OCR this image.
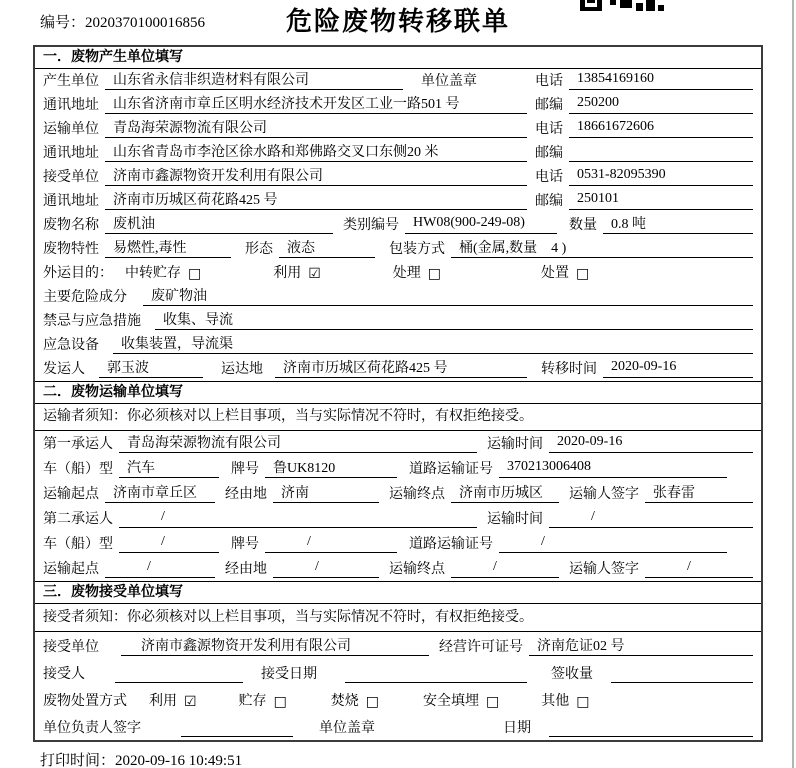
编号：2020370100016856	危险废物转移联单
一．废物产生单位填写
产生单位	山东省永信非织造材料有限公司	单位盖章	电话	13854169160
通讯地址	山东省济南市章丘区明水经济技术开发区工业一路501 号	邮编	250200
运输单位	青岛海荣源物流有限公司	电话	18661672606
通讯地址	山东省青岛市李沧区徐水路和郑佛路交叉口东侧20 米	邮编
接受单位	济南市鑫源物资开发利用有限公司	电话	0531-82095390
通讯地址	济南市历城区荷花路425 号	邮编	250101
废物名称	废机油	类别编号	HW08(900-249-08)	数量	0.8 吨
废物特性	易燃性,毒性	形态	液态	包装方式	桶(金属,数量　4 )
外运目的： 中转贮存 □	利用 ☑	处理 □	处置 □
主要危险成分	废矿物油
禁忌与应急措施	收集、导流
应急设备	收集装置，导流渠
发运人	郭玉波	运达地	济南市历城区荷花路425 号	转移时间	2020-09-16
二．废物运输单位填写
运输者须知：你必须核对以上栏目事项，当与实际情况不符时，有权拒绝接受。
第一承运人	青岛海荣源物流有限公司	运输时间	2020-09-16
车（船）型	汽车	牌号	鲁UK8120	道路运输证号	370213006408
运输起点	济南市章丘区	经由地	济南	运输终点	济南市历城区	运输人签字	张春雷
第二承运人	/	运输时间	/
车（船）型	/	牌号	/	道路运输证号	/
运输起点	/	经由地	/	运输终点	/	运输人签字	/
三．废物接受单位填写
接受者须知：你必须核对以上栏目事项，当与实际情况不符时，有权拒绝接受。
接受单位	济南市鑫源物资开发利用有限公司	经营许可证号	济南危证02 号
接受人	接受日期	签收量
废物处置方式 利用 ☑	贮存 □	焚烧 □	安全填埋 □	其他 □
单位负责人签字	单位盖章	日期
打印时间：2020-09-16 10:49:51
